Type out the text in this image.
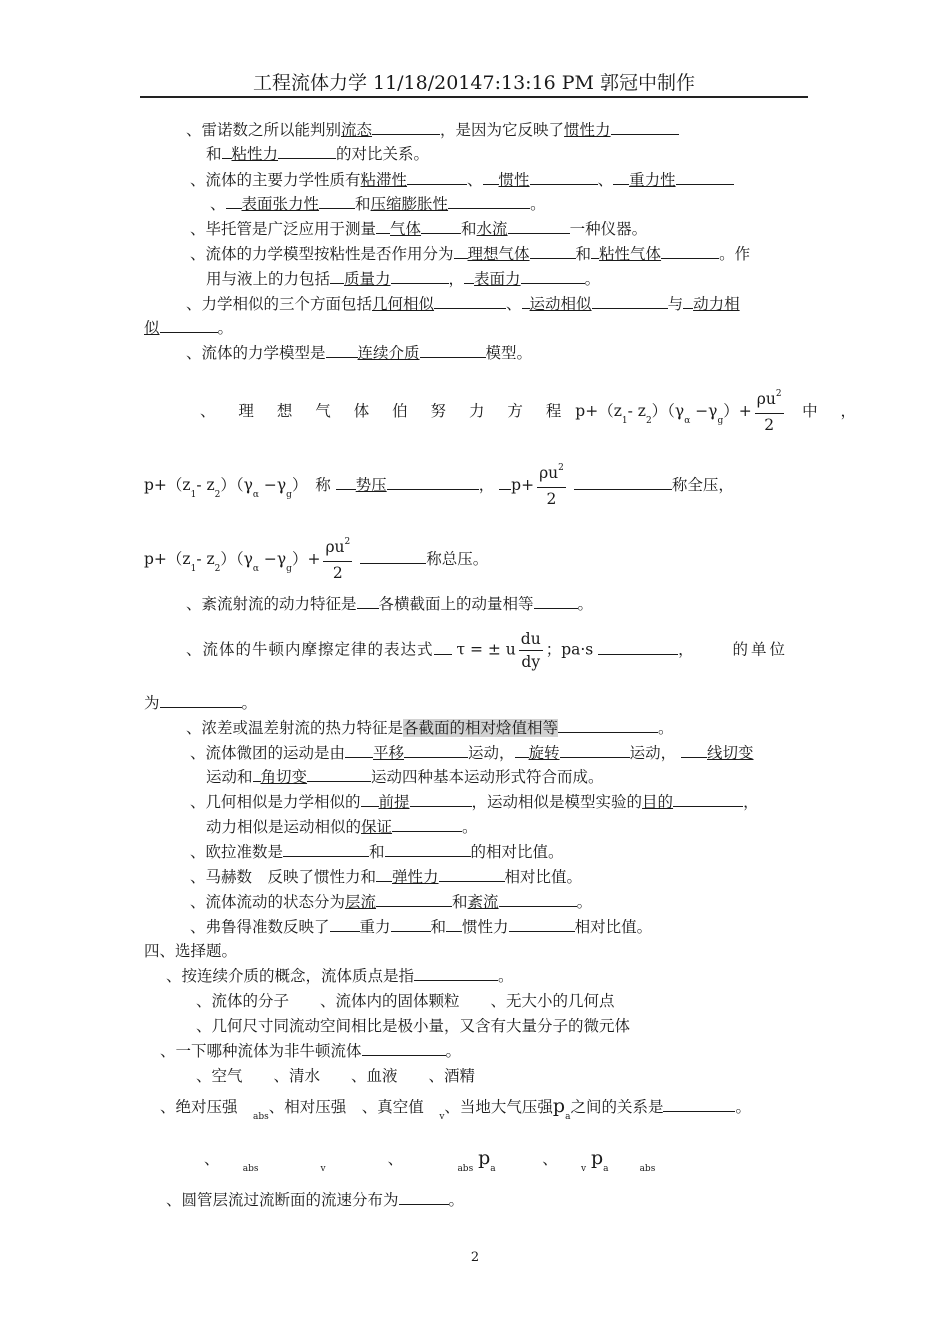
工程流体力学 11/18/20147:13:16 PM 郭冠中制作
、雷诺数之所以能判别流态	，是因为它反映了惯性力
和 粘性力	的对比关系。
、流体的主要力学性质有粘滞性	、 惯性	、 重力性
、 表面张力性 和压缩膨胀性	。
、毕托管是广泛应用于测量 气体	和水流	一种仪器。
、流体的力学模型按粘性是否作用分为 理想气体	和 粘性气体	。作
用与液上的力包括 质量力	， 表面力	。
、力学相似的三个方面包括几何相似	、 运动相似	与 动力相
似	。
、流体的力学模型是 连续介质	模型。
、 理 想 气 体 伯 努 力 方 程 $p+(z_1-$ $z_2)(\gamma_\alpha -\gamma_g)+ \frac{\rho u^2}{2}$
　 中 ，
$p+(z_1-$ $z_2)(\gamma_\alpha -\gamma_g)$　 称 势压	， $p+ \frac{\rho u^2}{2}$	称全压，
$p+(z_1-$ $z_2)(\gamma_\alpha -\gamma_g)+ \frac{\rho u^2}{2}$	称总压。
、紊流射流的动力特征是 各横截面上的动量相等	。
、流体的牛顿内摩擦定律的表达式 τ = ± u $\frac{du}{dy}$ ；pa·s	，　　　	的单位
为	。
、浓差或温差射流的热力特征是各截面的相对焓值相等	。
、流体微团的运动是由 平移	运动， 旋转	运动， 线切变
运动和 角切变	运动四种基本运动形式符合而成。
、几何相似是力学相似的 前提	，运动相似是模型实验的目的	，
动力相似是运动相似的保证	。
、欧拉准数是	和	的相对比值。
、马赫数　反映了惯性力和 弹性力	相对比值。
、流体流动的状态分为层流	和紊流	。
、弗鲁得准数反映了 重力	和 惯性力	相对比值。
四、选择题。
、按连续介质的概念，流体质点是指	。
、流体的分子　　、流体内的固体颗粒　　、无大小的几何点
、几何尺寸同流动空间相比是极小量，又含有大量分子的微元体
、一下哪种流体为非牛顿流体	。
、空气　　、清水　　、血液　　、酒精
、绝对压强　$_{abs}$、相对压强　、真空值　$_v$、当地大气压强$p_a$之间的关系是	。
、　　$_{abs}$　　　　	$_v$　　　　、　　　　$_{abs}$ $p_a$　　　、　　$_v$ $p_a$　　	$_{abs}$
、圆管层流过流断面的流速分布为	。
2
